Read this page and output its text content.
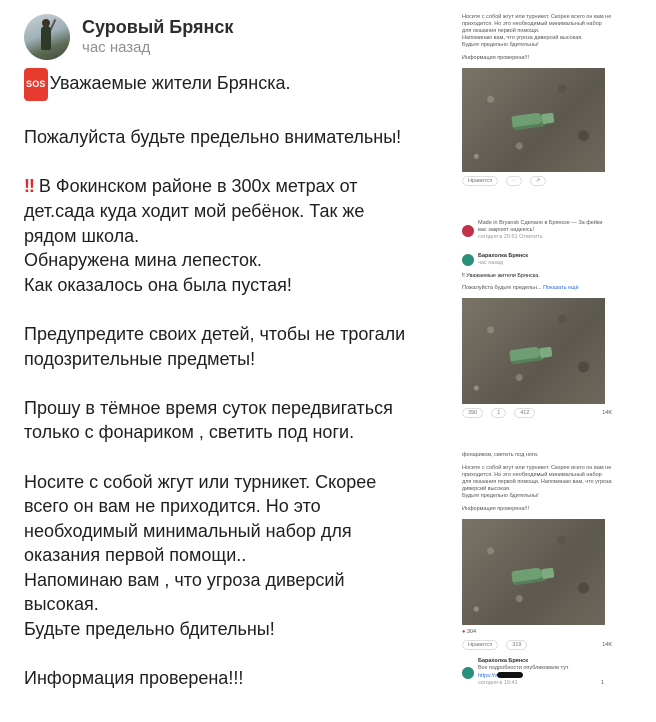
Суровый Брянск
час назад
SOS Уважаемые жители Брянска.
Пожалуйста будьте предельно внимательны!
‼ В Фокинском районе в 300х метрах от
дет.сада куда ходит мой ребёнок. Так же
рядом школа.
Обнаружена мина лепесток.
Как оказалось она была пустая!
Предупредите своих детей, чтобы не трогали
подозрительные предметы!
Прошу в тёмное время суток передвигаться
только с фонариком , светить под ноги.
Носите с собой жгут или турникет. Скорее
всего он вам не приходится. Но это
необходимый минимальный набор для
оказания первой помощи..
Напоминаю вам , что угроза диверсий
высокая.
Будьте предельно бдительны!
Информация проверена!!!
Носите с собой жгут или турникет. Скорее всего он вам не приходится. Но это необходимый минимальный набор для оказания первой помощи.
Напоминаю вам, что угроза диверсий высокая.
Будьте предельно бдительны!
Информация проверена!!!
Нравится	◌	↗
Made in Bryansk Сделано в Брянске — За фейки вас закроют надеюсь!
сегодня в 20:51 Ответить
Барахолка Брянск
час назад
‼ Уважаемые жители Брянска.
Пожалуйста будьте предельн... Показать ещё
390	1	412	14K
фонариком, светить под ноги.
Носите с собой жгут или турникет. Скорее всего он вам не приходится. Но это необходимый минимальный набор для оказания первой помощи. Напоминаю вам, что угроза диверсий высокая.
Будьте предельно бдительны!
Информация проверена!!!
● 304
Нравится	319	14K
Барахолка Брянск
Все подробности опубликовали тут
https://v
сегодня в 19:41	1
